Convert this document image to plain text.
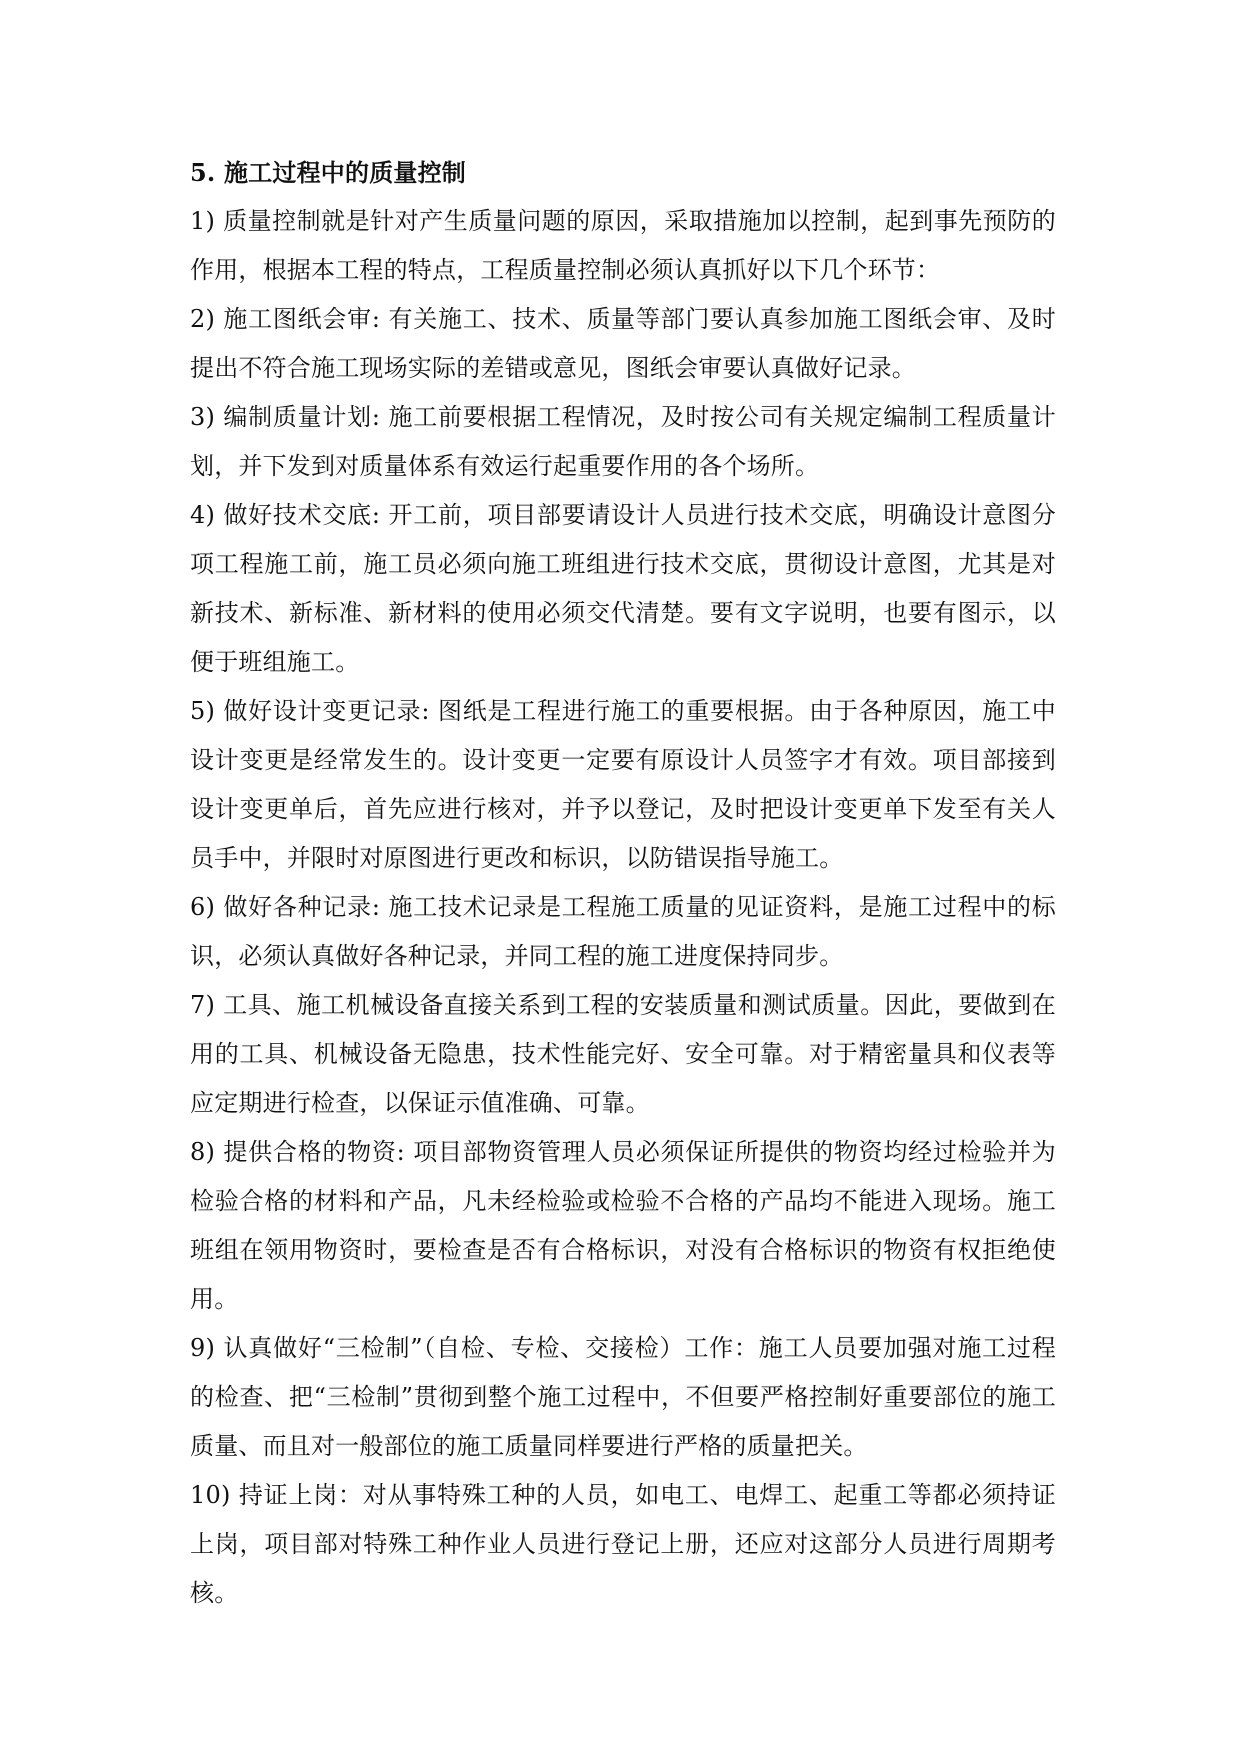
5. 施工过程中的质量控制

1) 质量控制就是针对产生质量问题的原因，采取措施加以控制，起到事先预防的作用，根据本工程的特点，工程质量控制必须认真抓好以下几个环节：

2) 施工图纸会审: 有关施工、技术、质量等部门要认真参加施工图纸会审、及时提出不符合施工现场实际的差错或意见，图纸会审要认真做好记录。

3) 编制质量计划: 施工前要根据工程情况，及时按公司有关规定编制工程质量计划，并下发到对质量体系有效运行起重要作用的各个场所。

4) 做好技术交底: 开工前，项目部要请设计人员进行技术交底，明确设计意图分项工程施工前，施工员必须向施工班组进行技术交底，贯彻设计意图，尤其是对新技术、新标准、新材料的使用必须交代清楚。要有文字说明，也要有图示，以便于班组施工。

5) 做好设计变更记录: 图纸是工程进行施工的重要根据。由于各种原因，施工中设计变更是经常发生的。设计变更一定要有原设计人员签字才有效。项目部接到设计变更单后，首先应进行核对，并予以登记，及时把设计变更单下发至有关人员手中，并限时对原图进行更改和标识，以防错误指导施工。

6) 做好各种记录: 施工技术记录是工程施工质量的见证资料，是施工过程中的标识，必须认真做好各种记录，并同工程的施工进度保持同步。

7) 工具、施工机械设备直接关系到工程的安装质量和测试质量。因此，要做到在用的工具、机械设备无隐患，技术性能完好、安全可靠。对于精密量具和仪表等应定期进行检查，以保证示值准确、可靠。

8) 提供合格的物资: 项目部物资管理人员必须保证所提供的物资均经过检验并为检验合格的材料和产品，凡未经检验或检验不合格的产品均不能进入现场。施工班组在领用物资时，要检查是否有合格标识，对没有合格标识的物资有权拒绝使用。

9) 认真做好“三检制”（自检、专检、交接检）工作：施工人员要加强对施工过程的检查、把“三检制”贯彻到整个施工过程中，不但要严格控制好重要部位的施工质量、而且对一般部位的施工质量同样要进行严格的质量把关。

10) 持证上岗：对从事特殊工种的人员，如电工、电焊工、起重工等都必须持证上岗，项目部对特殊工种作业人员进行登记上册，还应对这部分人员进行周期考核。
